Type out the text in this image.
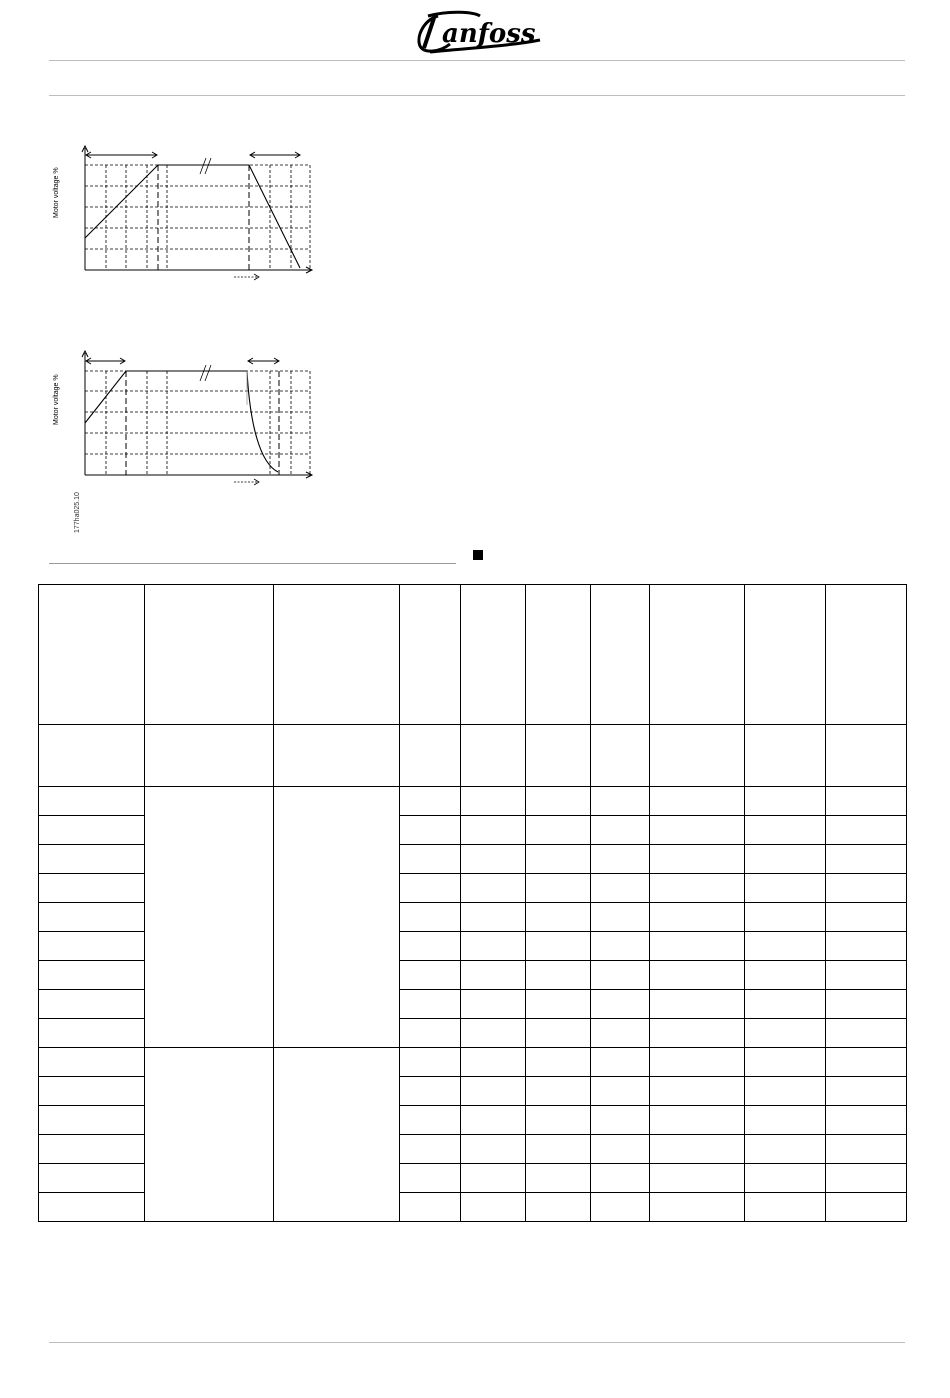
anfoss
Motor voltage %
Motor voltage %
177ha025.10
